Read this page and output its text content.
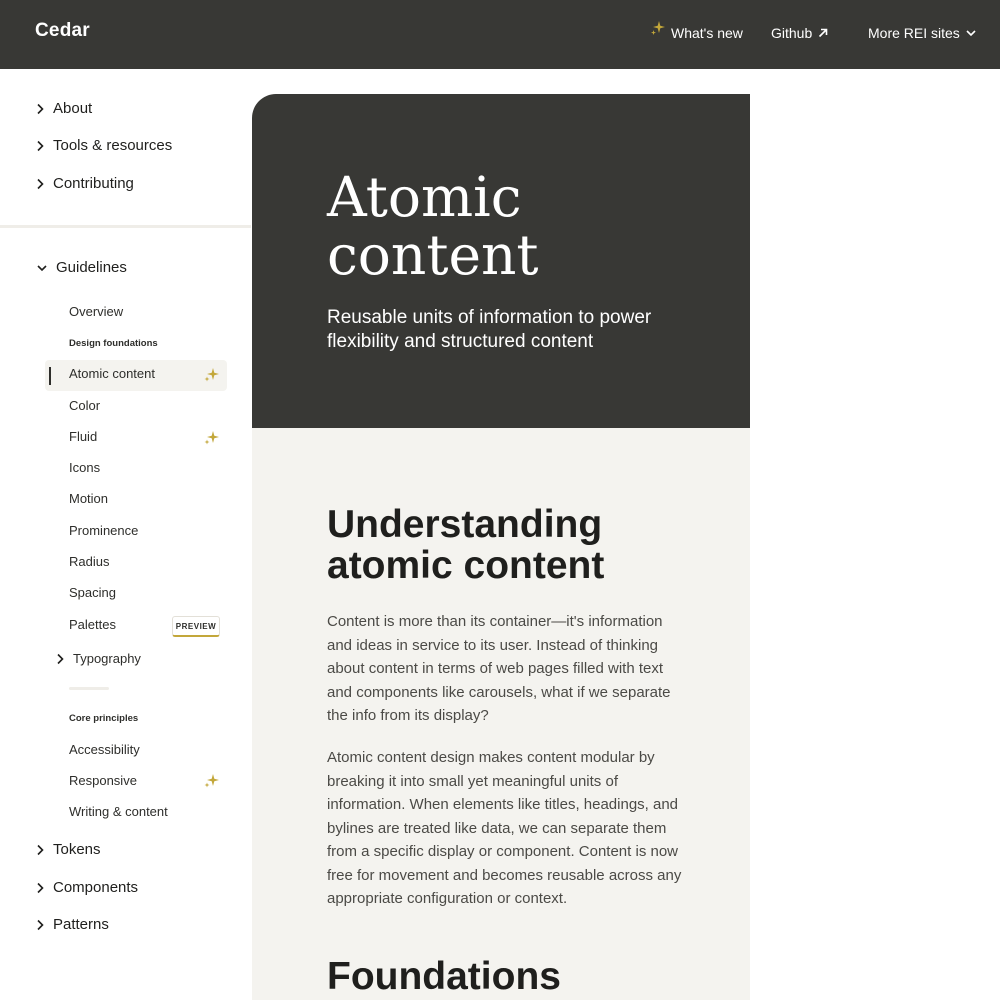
Cedar	What's new Github	More REI sites
About
Tools & resources
Contributing
Guidelines
Overview
Design foundations
Atomic content
Color
Fluid
Icons
Motion
Prominence
Radius
Spacing
Palettes	PREVIEW
Typography
Core principles
Accessibility
Responsive
Writing & content
Tokens
Components
Patterns
Atomic
content
Reusable units of information to power flexibility and structured content
Understanding atomic content

Content is more than its container—it's information and ideas in service to its user. Instead of thinking about content in terms of web pages filled with text and components like carousels, what if we separate the info from its display?

Atomic content design makes content modular by breaking it into small yet meaningful units of information. When elements like titles, headings, and bylines are treated like data, we can separate them from a specific display or component. Content is now free for movement and becomes reusable across any appropriate configuration or context.

Foundations
